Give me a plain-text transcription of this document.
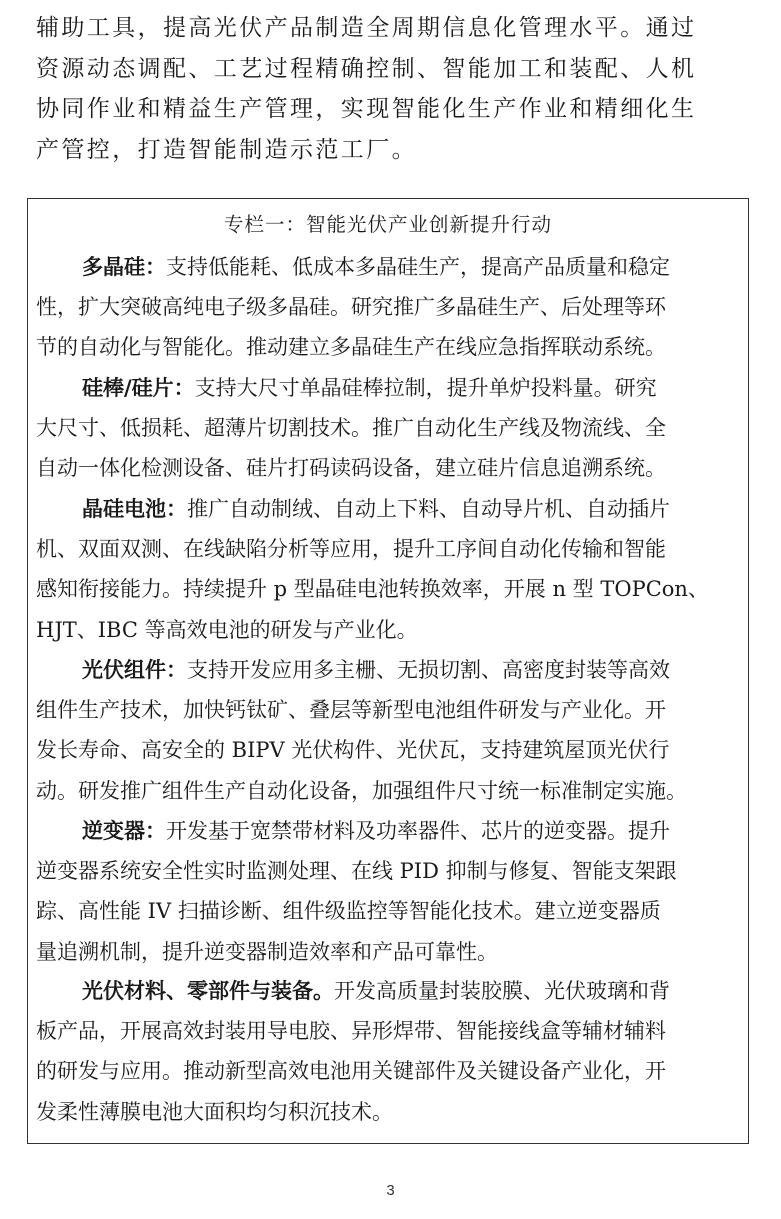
辅助工具，提高光伏产品制造全周期信息化管理水平。通过
资源动态调配、工艺过程精确控制、智能加工和装配、人机
协同作业和精益生产管理，实现智能化生产作业和精细化生
产管控，打造智能制造示范工厂。
专栏一：智能光伏产业创新提升行动
多晶硅：支持低能耗、低成本多晶硅生产，提高产品质量和稳定
性，扩大突破高纯电子级多晶硅。研究推广多晶硅生产、后处理等环
节的自动化与智能化。推动建立多晶硅生产在线应急指挥联动系统。
硅棒/硅片：支持大尺寸单晶硅棒拉制，提升单炉投料量。研究
大尺寸、低损耗、超薄片切割技术。推广自动化生产线及物流线、全
自动一体化检测设备、硅片打码读码设备，建立硅片信息追溯系统。
晶硅电池：推广自动制绒、自动上下料、自动导片机、自动插片
机、双面双测、在线缺陷分析等应用，提升工序间自动化传输和智能
感知衔接能力。持续提升 p 型晶硅电池转换效率，开展 n 型 TOPCon、
HJT、IBC 等高效电池的研发与产业化。
光伏组件：支持开发应用多主栅、无损切割、高密度封装等高效
组件生产技术，加快钙钛矿、叠层等新型电池组件研发与产业化。开
发长寿命、高安全的 BIPV 光伏构件、光伏瓦，支持建筑屋顶光伏行
动。研发推广组件生产自动化设备，加强组件尺寸统一标准制定实施。
逆变器：开发基于宽禁带材料及功率器件、芯片的逆变器。提升
逆变器系统安全性实时监测处理、在线 PID 抑制与修复、智能支架跟
踪、高性能 IV 扫描诊断、组件级监控等智能化技术。建立逆变器质
量追溯机制，提升逆变器制造效率和产品可靠性。
光伏材料、零部件与装备。开发高质量封装胶膜、光伏玻璃和背
板产品，开展高效封装用导电胶、异形焊带、智能接线盒等辅材辅料
的研发与应用。推动新型高效电池用关键部件及关键设备产业化，开
发柔性薄膜电池大面积均匀积沉技术。
3
